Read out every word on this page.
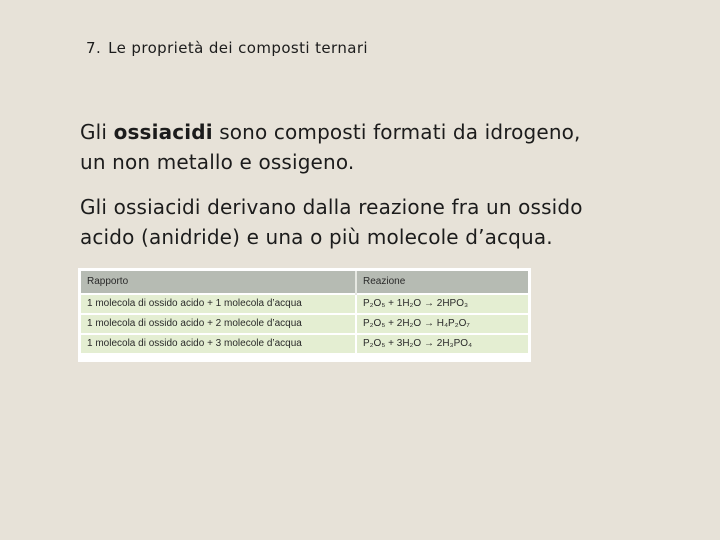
7. Le proprietà dei composti ternari
Gli ossiacidi sono composti formati da idrogeno,
un non metallo e ossigeno.
Gli ossiacidi derivano dalla reazione fra un ossido
acido (anidride) e una o più molecole d’acqua.
Rapporto	Reazione
1 molecola di ossido acido + 1 molecola d’acqua	P₂O₅ + 1H₂O → 2HPO₃
1 molecola di ossido acido + 2 molecole d’acqua	P₂O₅ + 2H₂O → H₄P₂O₇
1 molecola di ossido acido + 3 molecole d’acqua	P₂O₅ + 3H₂O → 2H₃PO₄
